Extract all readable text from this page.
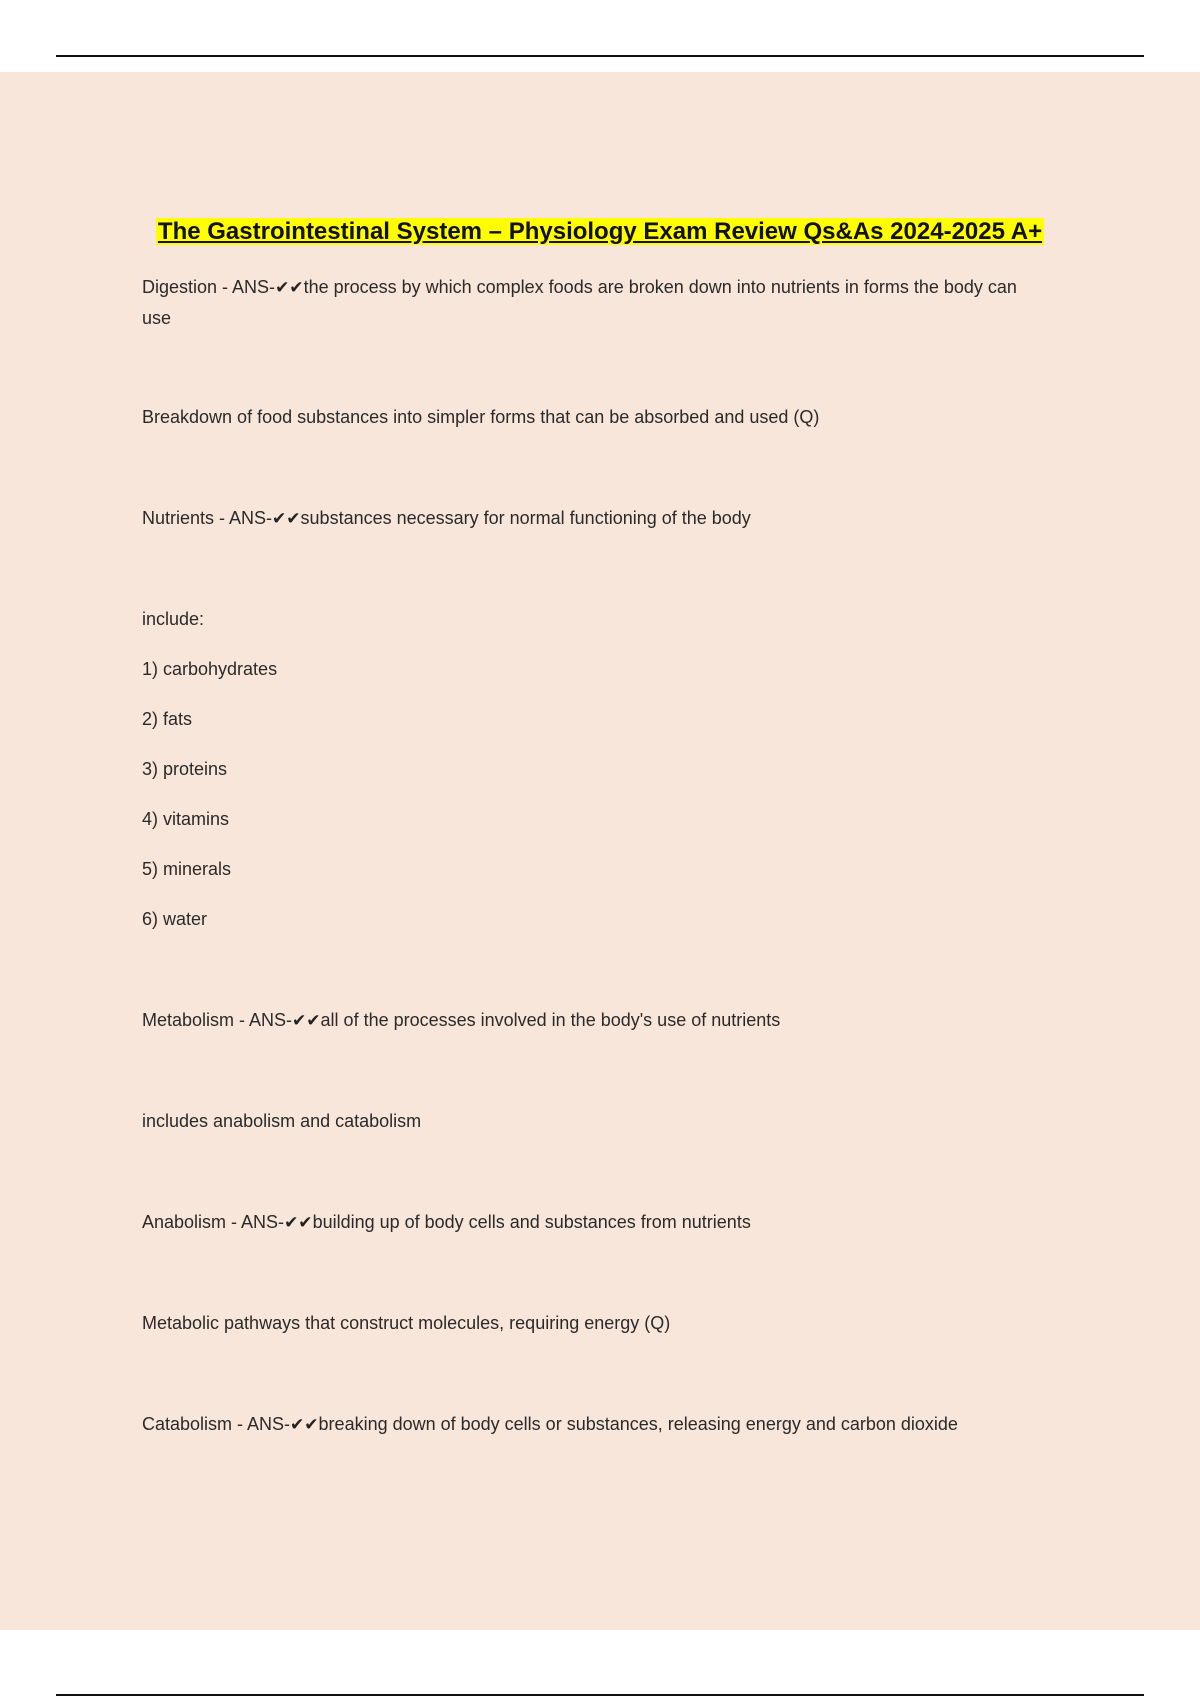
The Gastrointestinal System – Physiology Exam Review Qs&As 2024-2025 A+

Digestion - ANS-✔✔the process by which complex foods are broken down into nutrients in forms the body can use

Breakdown of food substances into simpler forms that can be absorbed and used (Q)

Nutrients - ANS-✔✔substances necessary for normal functioning of the body

include:

1) carbohydrates

2) fats

3) proteins

4) vitamins

5) minerals

6) water

Metabolism - ANS-✔✔all of the processes involved in the body's use of nutrients

includes anabolism and catabolism

Anabolism - ANS-✔✔building up of body cells and substances from nutrients

Metabolic pathways that construct molecules, requiring energy (Q)

Catabolism - ANS-✔✔breaking down of body cells or substances, releasing energy and carbon dioxide
